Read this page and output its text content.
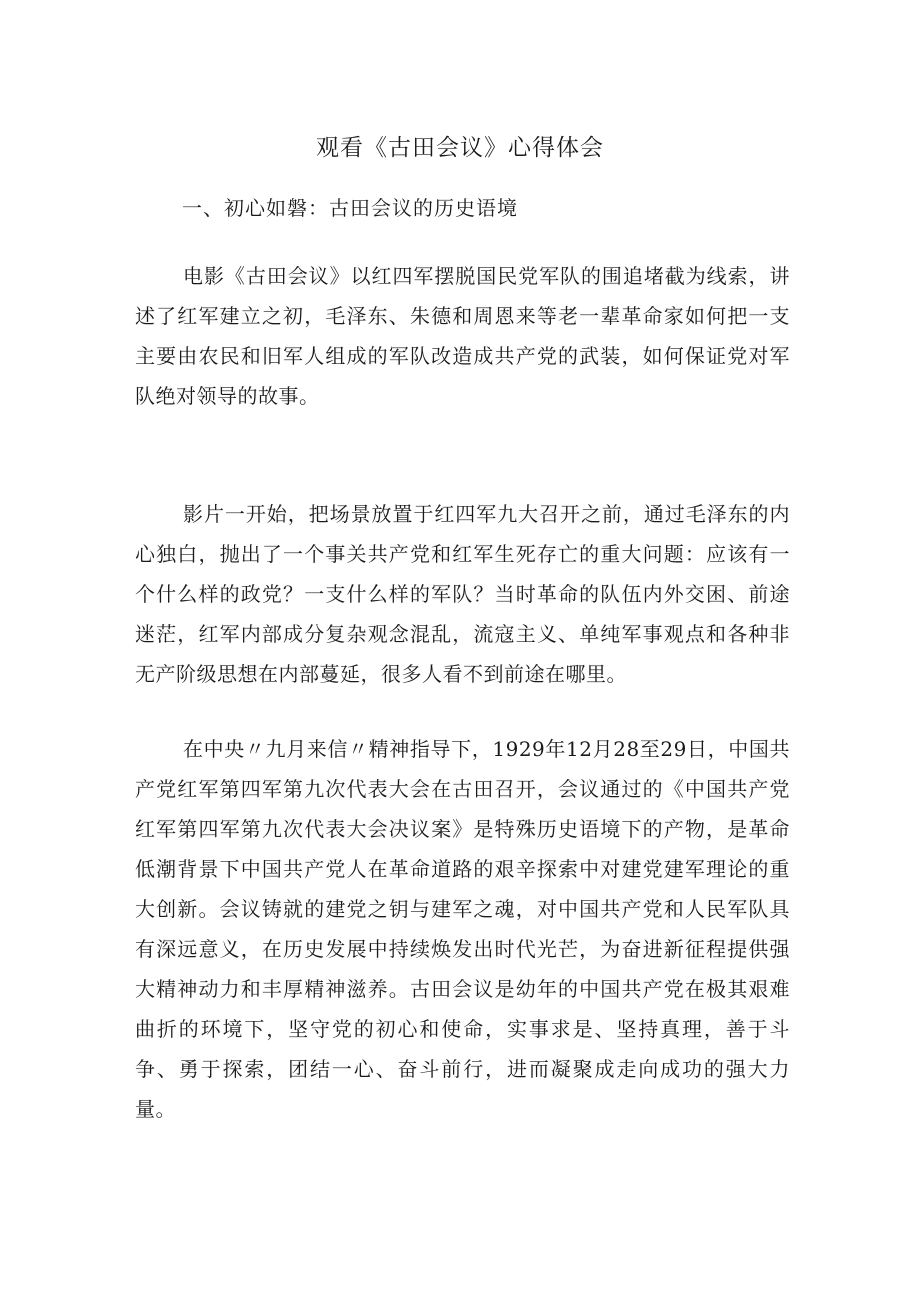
观看《古田会议》心得体会
一、初心如磐：古田会议的历史语境

电影《古田会议》以红四军摆脱国民党军队的围追堵截为线索，讲述了红军建立之初，毛泽东、朱德和周恩来等老一辈革命家如何把一支主要由农民和旧军人组成的军队改造成共产党的武装，如何保证党对军队绝对领导的故事。

影片一开始，把场景放置于红四军九大召开之前，通过毛泽东的内心独白，抛出了一个事关共产党和红军生死存亡的重大问题：应该有一个什么样的政党？一支什么样的军队？当时革命的队伍内外交困、前途迷茫，红军内部成分复杂观念混乱，流寇主义、单纯军事观点和各种非无产阶级思想在内部蔓延，很多人看不到前途在哪里。

在中央〃九月来信〃精神指导下，1929年12月28至29日，中国共产党红军第四军第九次代表大会在古田召开，会议通过的《中国共产党红军第四军第九次代表大会决议案》是特殊历史语境下的产物，是革命低潮背景下中国共产党人在革命道路的艰辛探索中对建党建军理论的重大创新。会议铸就的建党之钥与建军之魂，对中国共产党和人民军队具有深远意义，在历史发展中持续焕发出时代光芒，为奋进新征程提供强大精神动力和丰厚精神滋养。古田会议是幼年的中国共产党在极其艰难曲折的环境下，坚守党的初心和使命，实事求是、坚持真理，善于斗争、勇于探索，团结一心、奋斗前行，进而凝聚成走向成功的强大力量。
